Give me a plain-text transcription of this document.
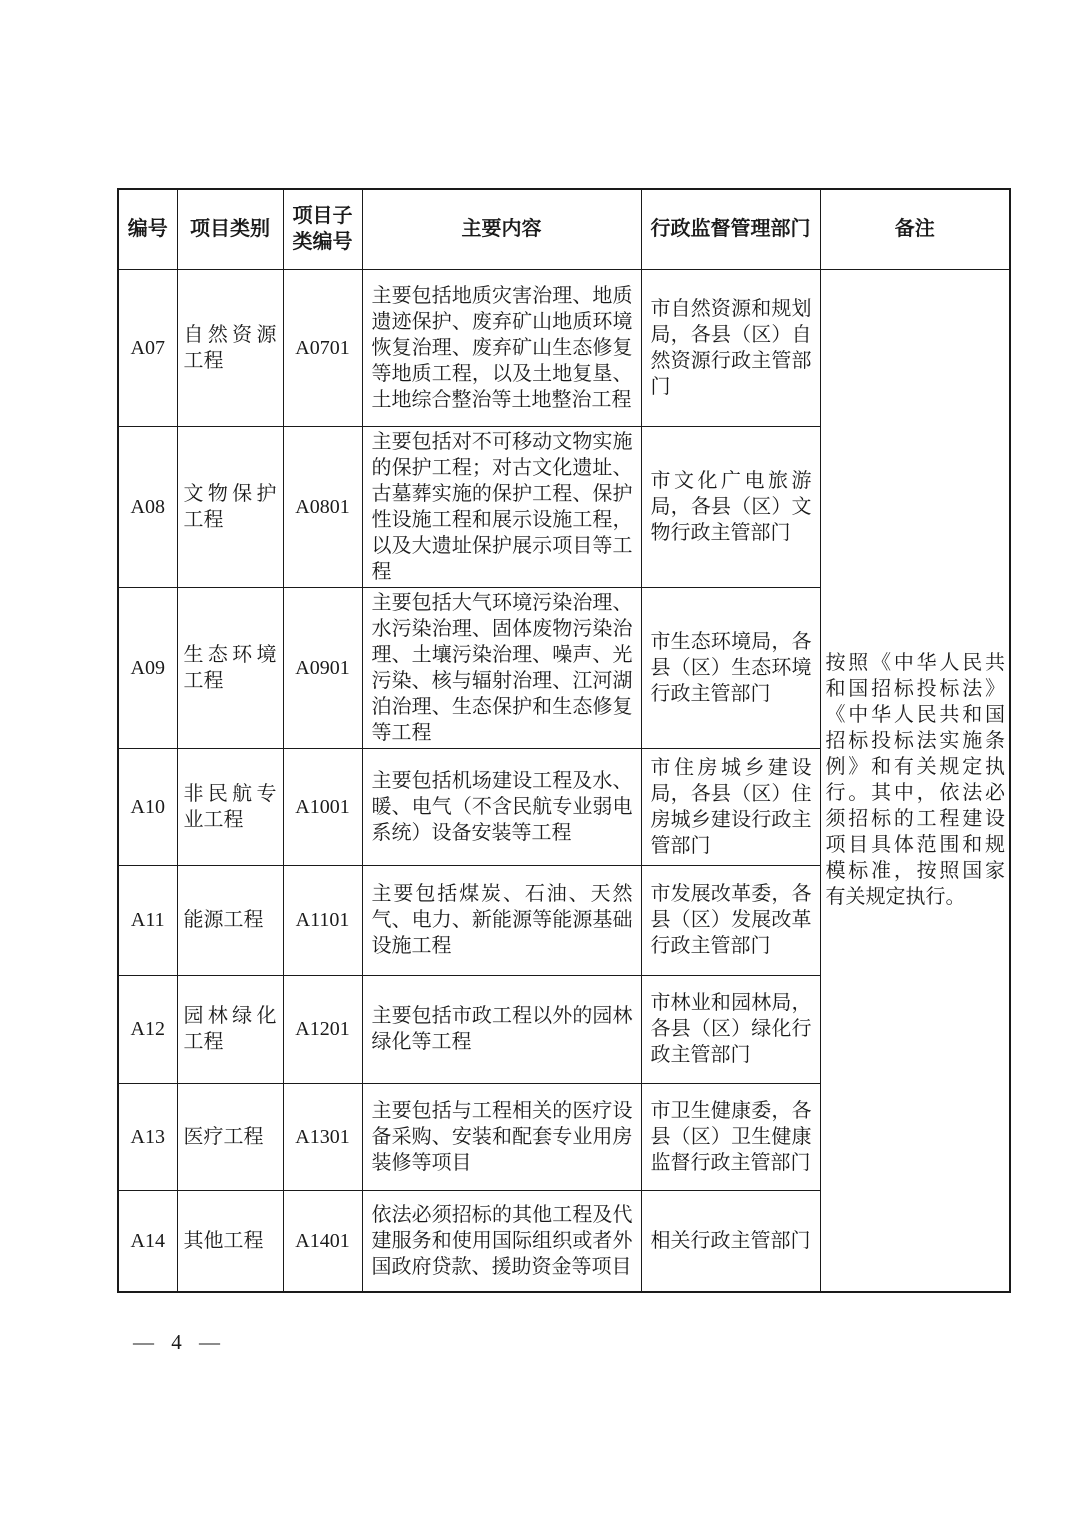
编号	项目类别	项目子类编号	主要内容	行政监督管理部门	备注
A07	自然资源工程	A0701	主要包括地质灾害治理、地质遗迹保护、废弃矿山地质环境恢复治理、废弃矿山生态修复等地质工程，以及土地复垦、土地综合整治等土地整治工程	市自然资源和规划局，各县（区）自然资源行政主管部门	按照《中华人民共和国招标投标法》《中华人民共和国招标投标法实施条例》和有关规定执行。其中，依法必须招标的工程建设项目具体范围和规模标准，按照国家有关规定执行。
A08	文物保护工程	A0801	主要包括对不可移动文物实施的保护工程；对古文化遗址、古墓葬实施的保护工程、保护性设施工程和展示设施工程，以及大遗址保护展示项目等工程	市文化广电旅游局，各县（区）文物行政主管部门	
A09	生态环境工程	A0901	主要包括大气环境污染治理、水污染治理、固体废物污染治理、土壤污染治理、噪声、光污染、核与辐射治理、江河湖泊治理、生态保护和生态修复等工程	市生态环境局，各县（区）生态环境行政主管部门	
A10	非民航专业工程	A1001	主要包括机场建设工程及水、暖、电气（不含民航专业弱电系统）设备安装等工程	市住房城乡建设局，各县（区）住房城乡建设行政主管部门	
A11	能源工程	A1101	主要包括煤炭、石油、天然气、电力、新能源等能源基础设施工程	市发展改革委，各县（区）发展改革行政主管部门	
A12	园林绿化工程	A1201	主要包括市政工程以外的园林绿化等工程	市林业和园林局，各县（区）绿化行政主管部门	
A13	医疗工程	A1301	主要包括与工程相关的医疗设备采购、安装和配套专业用房装修等项目	市卫生健康委，各县（区）卫生健康监督行政主管部门	
A14	其他工程	A1401	依法必须招标的其他工程及代建服务和使用国际组织或者外国政府贷款、援助资金等项目	相关行政主管部门	
— 4 —
